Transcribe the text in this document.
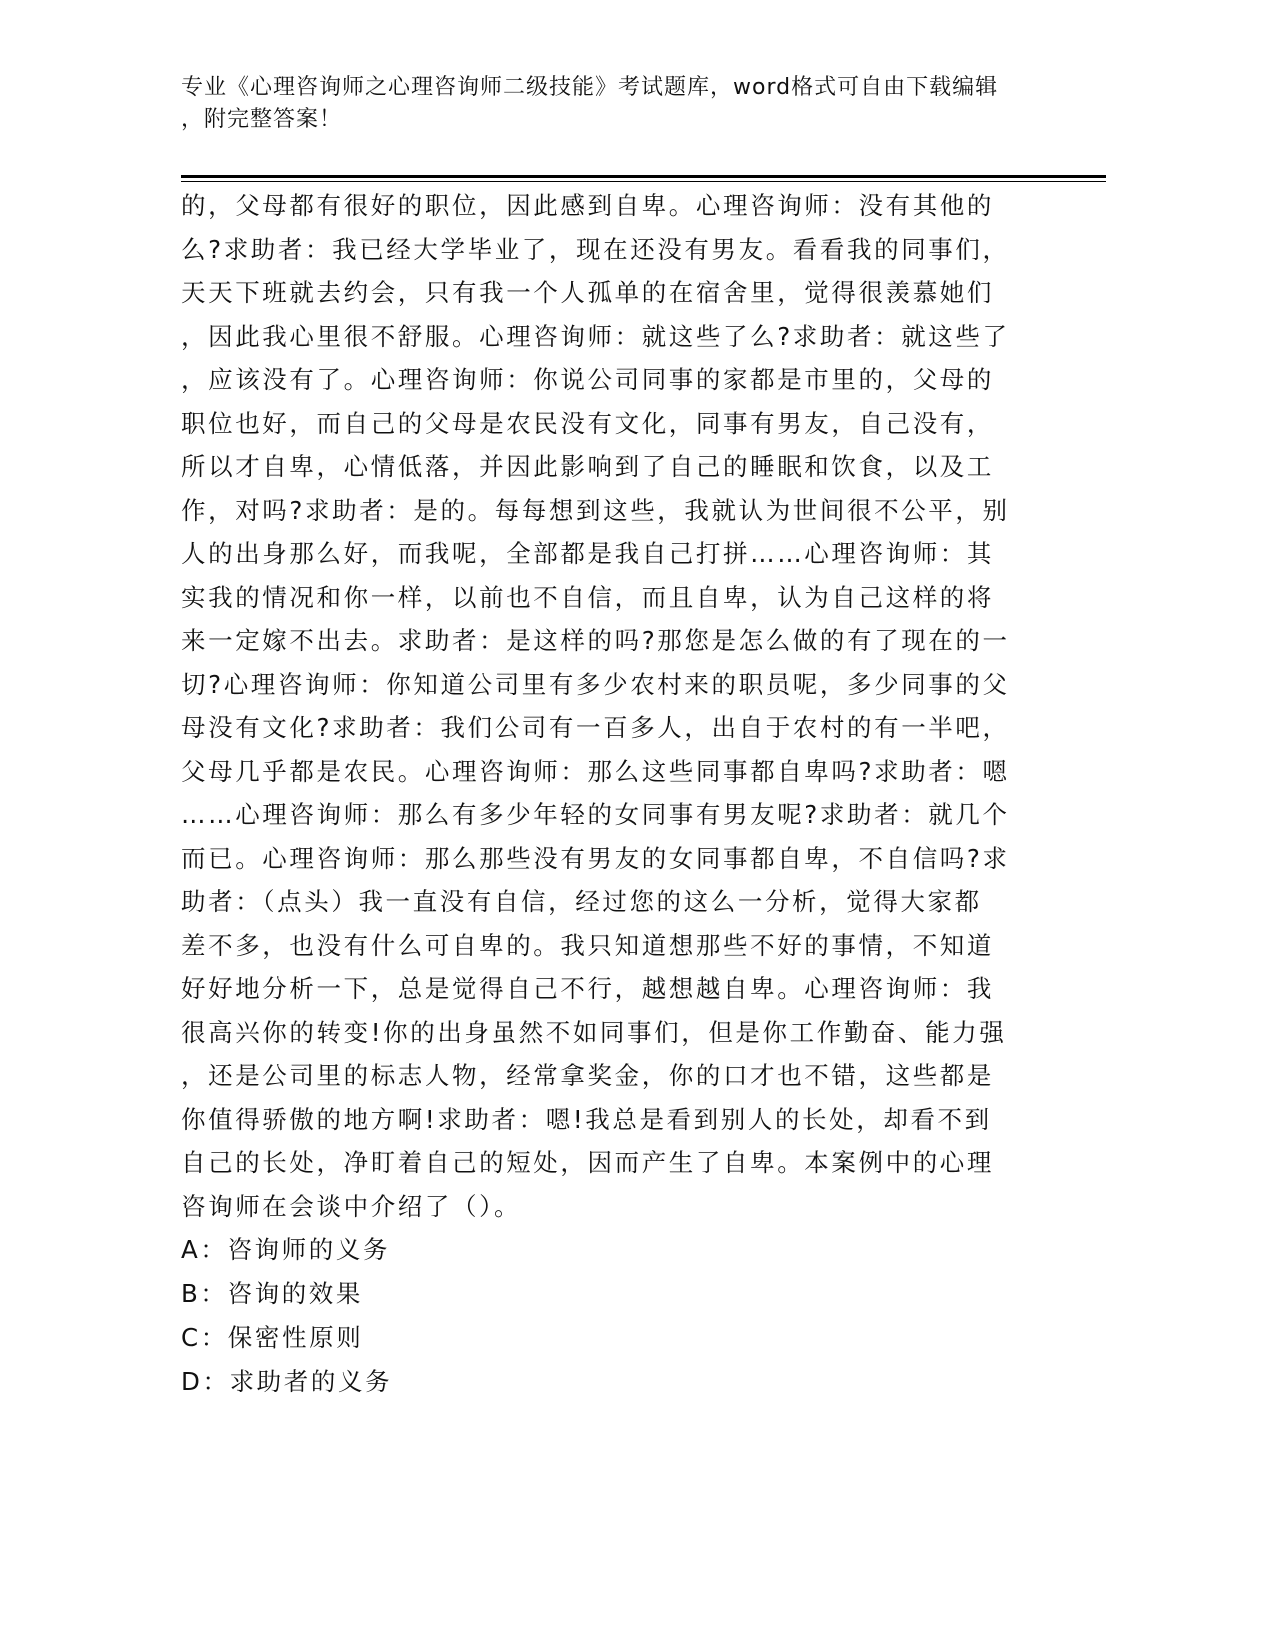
专业《心理咨询师之心理咨询师二级技能》考试题库，word格式可自由下载编辑
，附完整答案！
的，父母都有很好的职位，因此感到自卑。心理咨询师：没有其他的
么?求助者：我已经大学毕业了，现在还没有男友。看看我的同事们，
天天下班就去约会，只有我一个人孤单的在宿舍里，觉得很羡慕她们
，因此我心里很不舒服。心理咨询师：就这些了么?求助者：就这些了
，应该没有了。心理咨询师：你说公司同事的家都是市里的，父母的
职位也好，而自己的父母是农民没有文化，同事有男友，自己没有，
所以才自卑，心情低落，并因此影响到了自己的睡眠和饮食，以及工
作，对吗?求助者：是的。每每想到这些，我就认为世间很不公平，别
人的出身那么好，而我呢，全部都是我自己打拼……心理咨询师：其
实我的情况和你一样，以前也不自信，而且自卑，认为自己这样的将
来一定嫁不出去。求助者：是这样的吗?那您是怎么做的有了现在的一
切?心理咨询师：你知道公司里有多少农村来的职员呢，多少同事的父
母没有文化?求助者：我们公司有一百多人，出自于农村的有一半吧，
父母几乎都是农民。心理咨询师：那么这些同事都自卑吗?求助者：嗯
……心理咨询师：那么有多少年轻的女同事有男友呢?求助者：就几个
而已。心理咨询师：那么那些没有男友的女同事都自卑，不自信吗?求
助者：（点头）我一直没有自信，经过您的这么一分析，觉得大家都
差不多，也没有什么可自卑的。我只知道想那些不好的事情，不知道
好好地分析一下，总是觉得自己不行，越想越自卑。心理咨询师：我
很高兴你的转变!你的出身虽然不如同事们，但是你工作勤奋、能力强
，还是公司里的标志人物，经常拿奖金，你的口才也不错，这些都是
你值得骄傲的地方啊!求助者：嗯!我总是看到别人的长处，却看不到
自己的长处，净盯着自己的短处，因而产生了自卑。本案例中的心理
咨询师在会谈中介绍了（）。
A：咨询师的义务
B：咨询的效果
C：保密性原则
D：求助者的义务
